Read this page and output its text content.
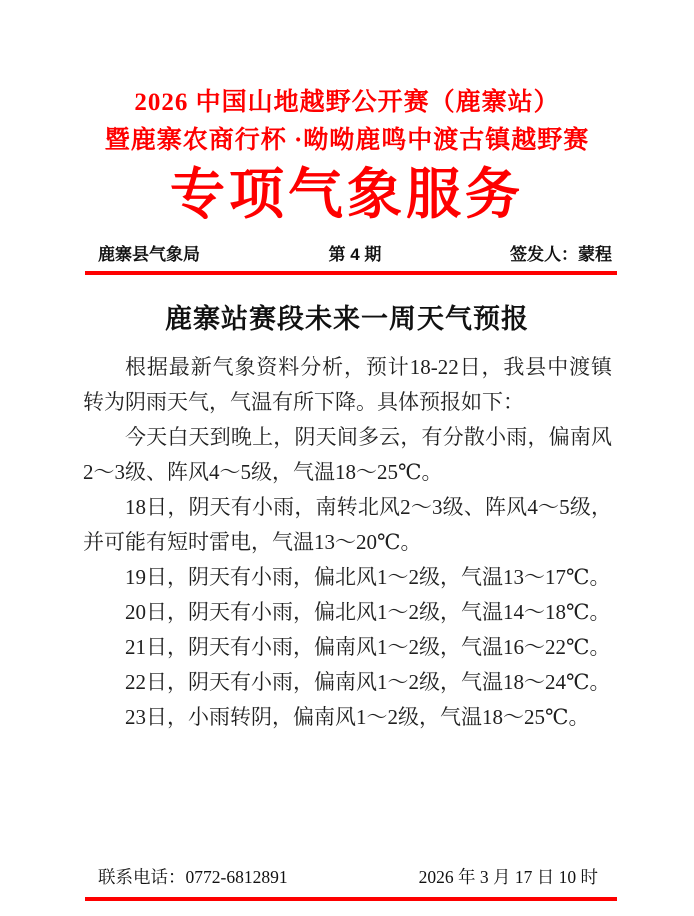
2026 中国山地越野公开赛（鹿寨站）
暨鹿寨农商行杯 ·呦呦鹿鸣中渡古镇越野赛
专项气象服务
鹿寨县气象局	第 4 期	签发人：蒙程
鹿寨站赛段未来一周天气预报

根据最新气象资料分析，预计18-22日，我县中渡镇转为阴雨天气，气温有所下降。具体预报如下：

今天白天到晚上，阴天间多云，有分散小雨，偏南风2～3级、阵风4～5级，气温18～25℃。

18日，阴天有小雨，南转北风2～3级、阵风4～5级，并可能有短时雷电，气温13～20℃。

19日，阴天有小雨，偏北风1～2级，气温13～17℃。

20日，阴天有小雨，偏北风1～2级，气温14～18℃。

21日，阴天有小雨，偏南风1～2级，气温16～22℃。

22日，阴天有小雨，偏南风1～2级，气温18～24℃。

23日，小雨转阴，偏南风1～2级，气温18～25℃。

联系电话：0772-6812891	2026 年 3 月 17 日 10 时
